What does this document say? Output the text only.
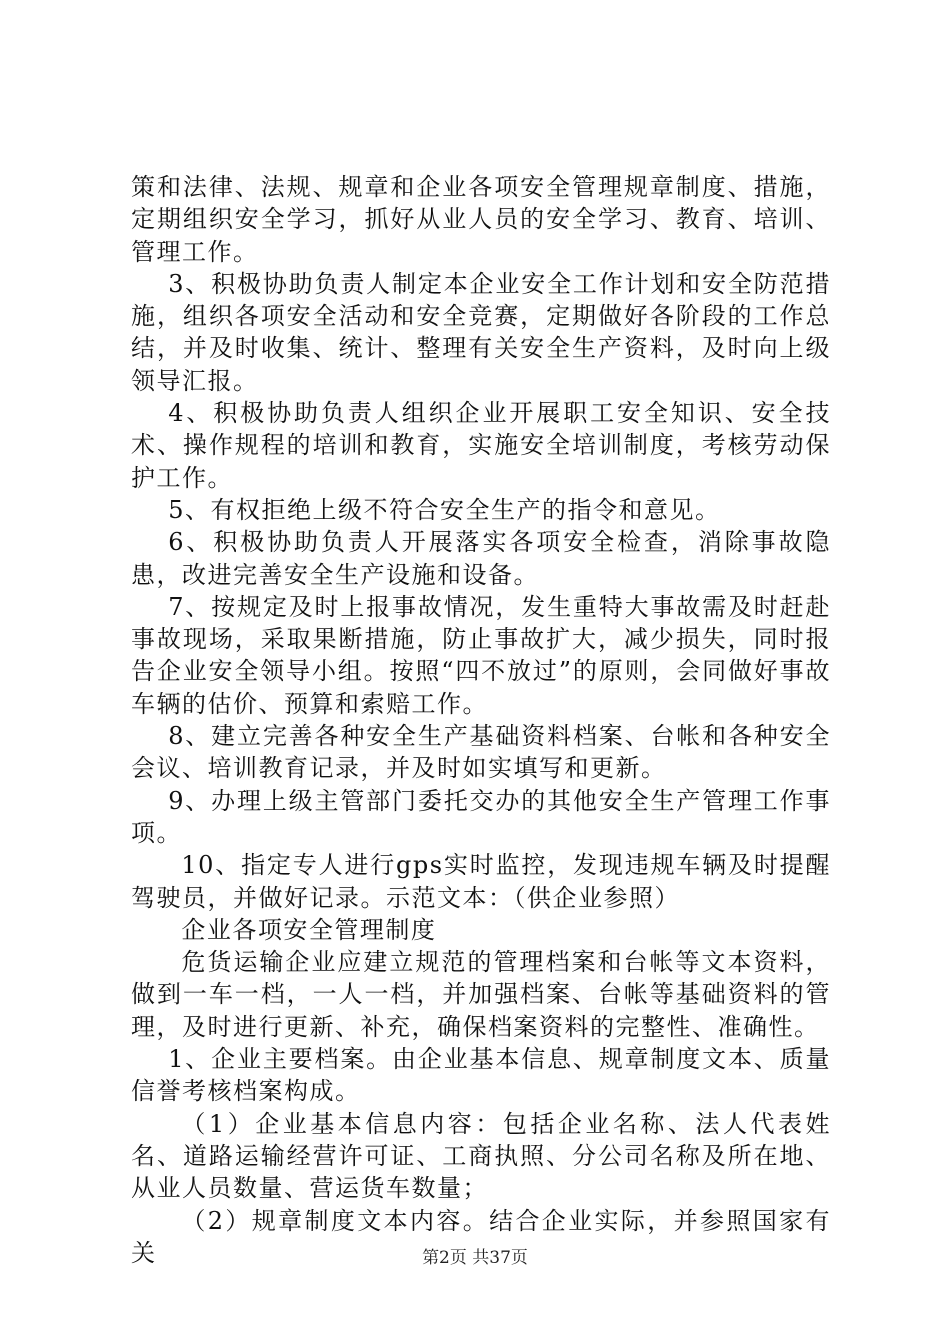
策和法律、法规、规章和企业各项安全管理规章制度、措施，定期组织安全学习，抓好从业人员的安全学习、教育、培训、管理工作。

3、积极协助负责人制定本企业安全工作计划和安全防范措施，组织各项安全活动和安全竞赛，定期做好各阶段的工作总结，并及时收集、统计、整理有关安全生产资料，及时向上级领导汇报。

4、积极协助负责人组织企业开展职工安全知识、安全技术、操作规程的培训和教育，实施安全培训制度，考核劳动保护工作。

5、有权拒绝上级不符合安全生产的指令和意见。

6、积极协助负责人开展落实各项安全检查，消除事故隐患，改进完善安全生产设施和设备。

7、按规定及时上报事故情况，发生重特大事故需及时赶赴事故现场，采取果断措施，防止事故扩大，减少损失，同时报告企业安全领导小组。按照“四不放过”的原则，会同做好事故车辆的估价、预算和索赔工作。

8、建立完善各种安全生产基础资料档案、台帐和各种安全会议、培训教育记录，并及时如实填写和更新。

9、办理上级主管部门委托交办的其他安全生产管理工作事项。

10、指定专人进行gps实时监控，发现违规车辆及时提醒驾驶员，并做好记录。示范文本：（供企业参照）

企业各项安全管理制度

危货运输企业应建立规范的管理档案和台帐等文本资料，做到一车一档，一人一档，并加强档案、台帐等基础资料的管理，及时进行更新、补充，确保档案资料的完整性、准确性。

1、企业主要档案。由企业基本信息、规章制度文本、质量信誉考核档案构成。

（1）企业基本信息内容：包括企业名称、法人代表姓名、道路运输经营许可证、工商执照、分公司名称及所在地、从业人员数量、营运货车数量；

（2）规章制度文本内容。结合企业实际，并参照国家有关	第2页 共37页
